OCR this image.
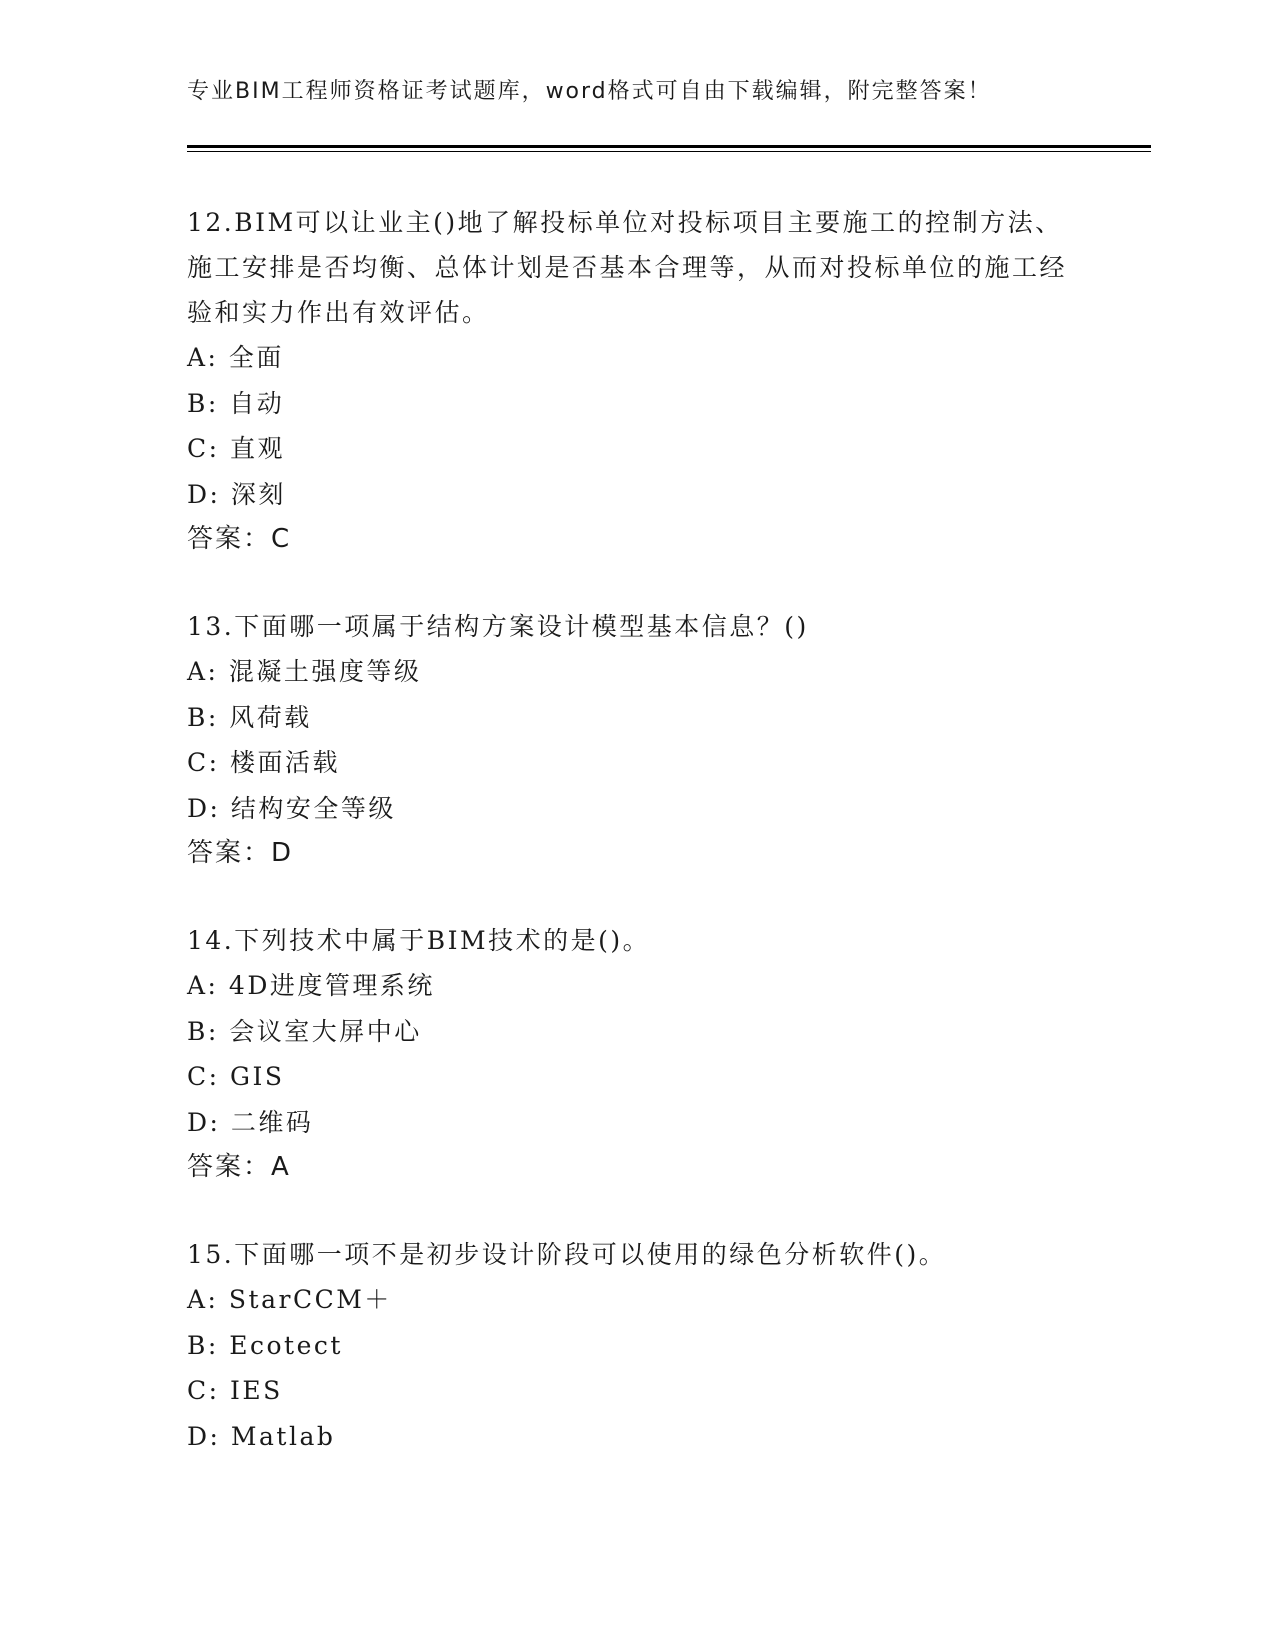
专业BIM工程师资格证考试题库，word格式可自由下载编辑，附完整答案！
12.BIM可以让业主()地了解投标单位对投标项目主要施工的控制方法、施工安排是否均衡、总体计划是否基本合理等，从而对投标单位的施工经验和实力作出有效评估。
A: 全面
B: 自动
C: 直观
D: 深刻
答案：C
13.下面哪一项属于结构方案设计模型基本信息？()
A: 混凝土强度等级
B: 风荷载
C: 楼面活载
D: 结构安全等级
答案：D
14.下列技术中属于BIM技术的是()。
A: 4D进度管理系统
B: 会议室大屏中心
C: GIS
D: 二维码
答案：A
15.下面哪一项不是初步设计阶段可以使用的绿色分析软件()。
A: StarCCM＋
B: Ecotect
C: IES
D: Matlab
